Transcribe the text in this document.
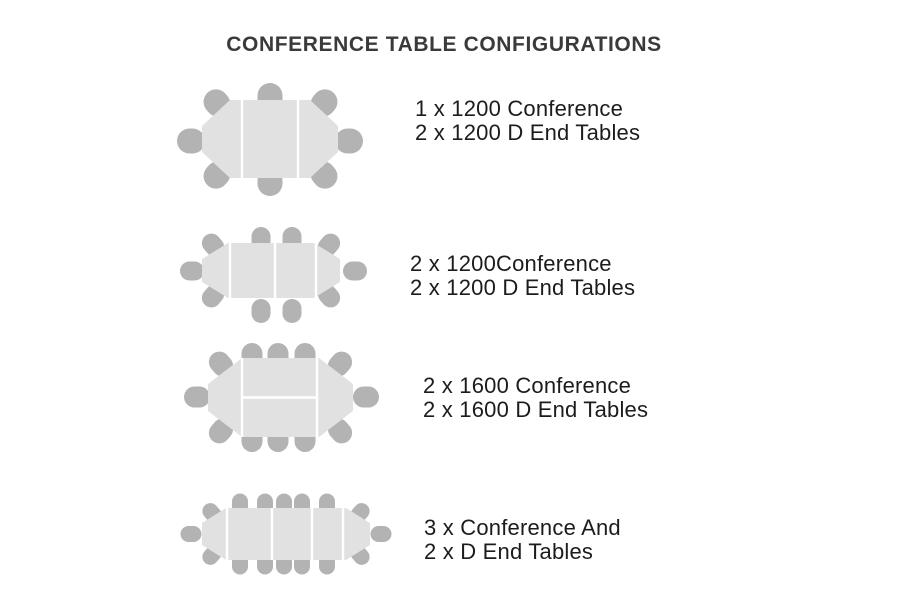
CONFERENCE TABLE CONFIGURATIONS
1 x 1200 Conference
2 x 1200 D End Tables
2 x 1200Conference
2 x 1200 D End Tables
2 x 1600 Conference
2 x 1600 D End Tables
3 x Conference And
2 x D End Tables
